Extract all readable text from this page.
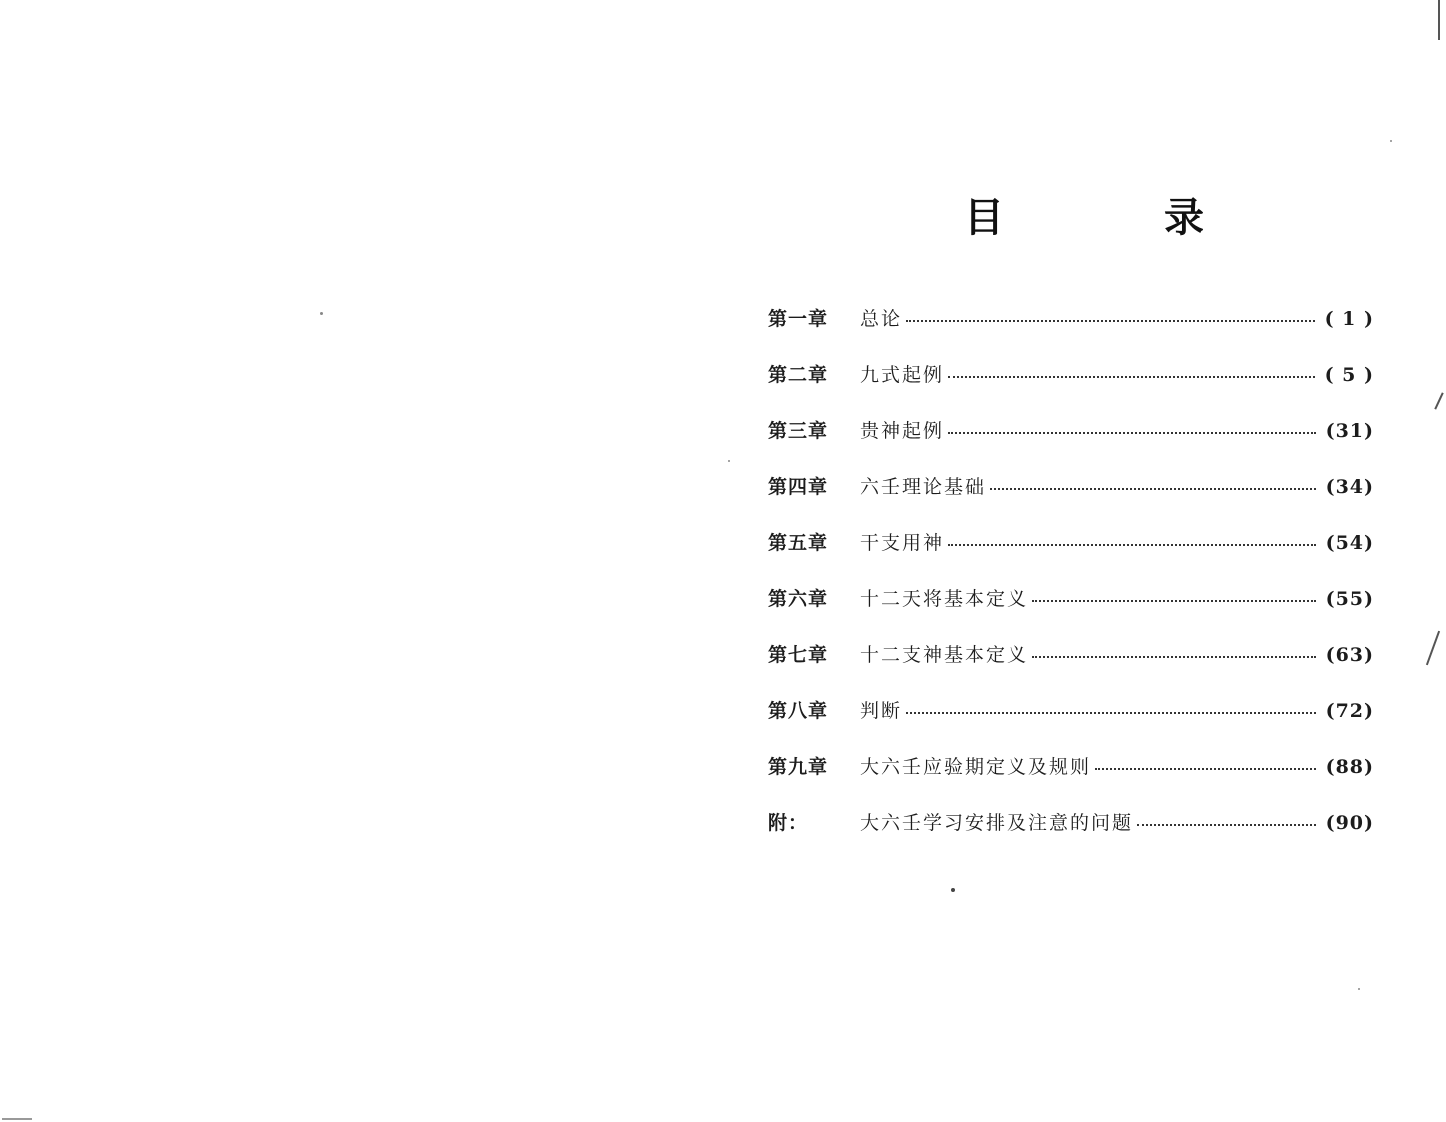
目	录
第一章	总论	( 1 )
第二章	九式起例	( 5 )
第三章	贵神起例	(31)
第四章	六壬理论基础	(34)
第五章	干支用神	(54)
第六章	十二天将基本定义	(55)
第七章	十二支神基本定义	(63)
第八章	判断	(72)
第九章	大六壬应验期定义及规则	(88)
附：	大六壬学习安排及注意的问题	(90)
